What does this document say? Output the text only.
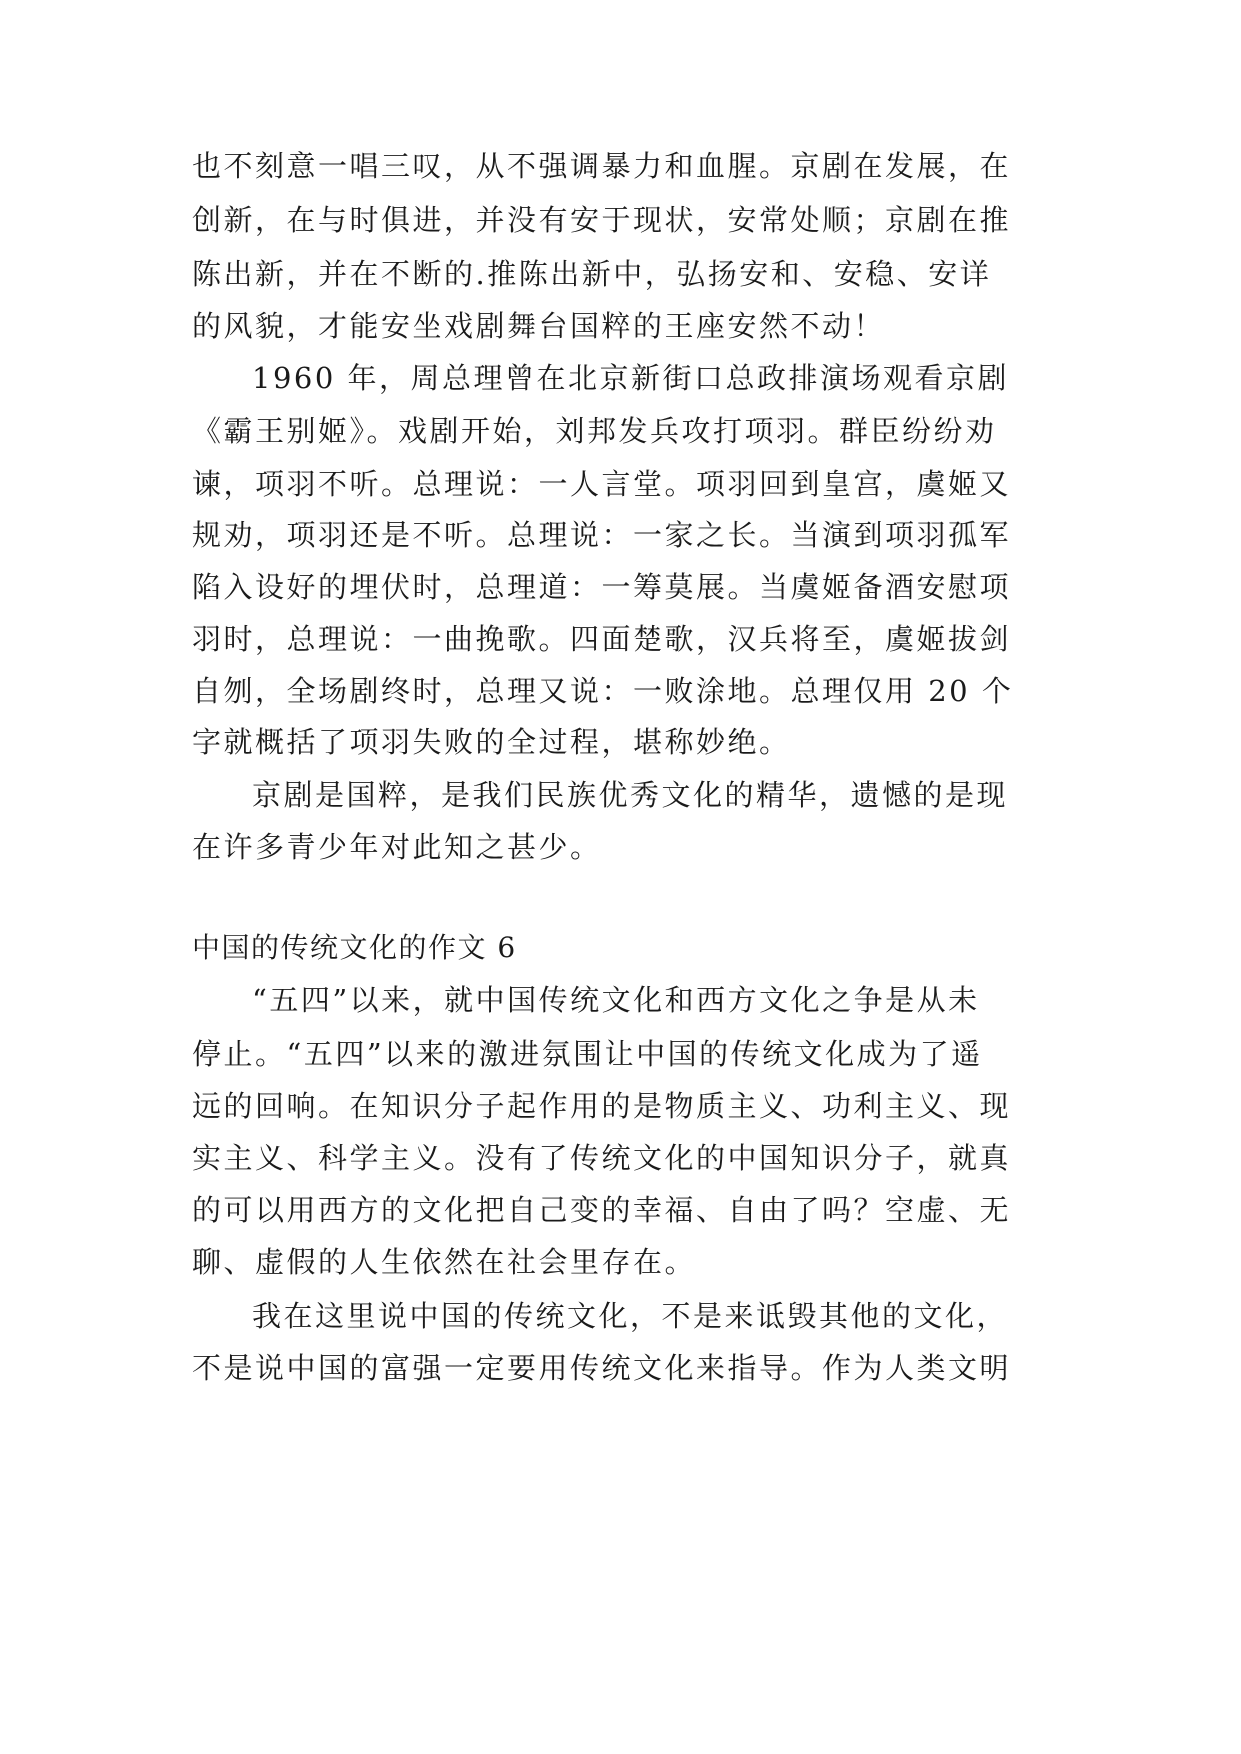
也不刻意一唱三叹，从不强调暴力和血腥。京剧在发展，在
创新，在与时俱进，并没有安于现状，安常处顺；京剧在推
陈出新，并在不断的.推陈出新中，弘扬安和、安稳、安详
的风貌，才能安坐戏剧舞台国粹的王座安然不动！
1960 年，周总理曾在北京新街口总政排演场观看京剧
《霸王别姬》。戏剧开始，刘邦发兵攻打项羽。群臣纷纷劝
谏，项羽不听。总理说：一人言堂。项羽回到皇宫，虞姬又
规劝，项羽还是不听。总理说：一家之长。当演到项羽孤军
陷入设好的埋伏时，总理道：一筹莫展。当虞姬备酒安慰项
羽时，总理说：一曲挽歌。四面楚歌，汉兵将至，虞姬拔剑
自刎，全场剧终时，总理又说：一败涂地。总理仅用 20 个
字就概括了项羽失败的全过程，堪称妙绝。
京剧是国粹，是我们民族优秀文化的精华，遗憾的是现
在许多青少年对此知之甚少。
中国的传统文化的作文 6
“五四”以来，就中国传统文化和西方文化之争是从未
停止。“五四”以来的激进氛围让中国的传统文化成为了遥
远的回响。在知识分子起作用的是物质主义、功利主义、现
实主义、科学主义。没有了传统文化的中国知识分子，就真
的可以用西方的文化把自己变的幸福、自由了吗？空虚、无
聊、虚假的人生依然在社会里存在。
我在这里说中国的传统文化，不是来诋毁其他的文化，
不是说中国的富强一定要用传统文化来指导。作为人类文明
